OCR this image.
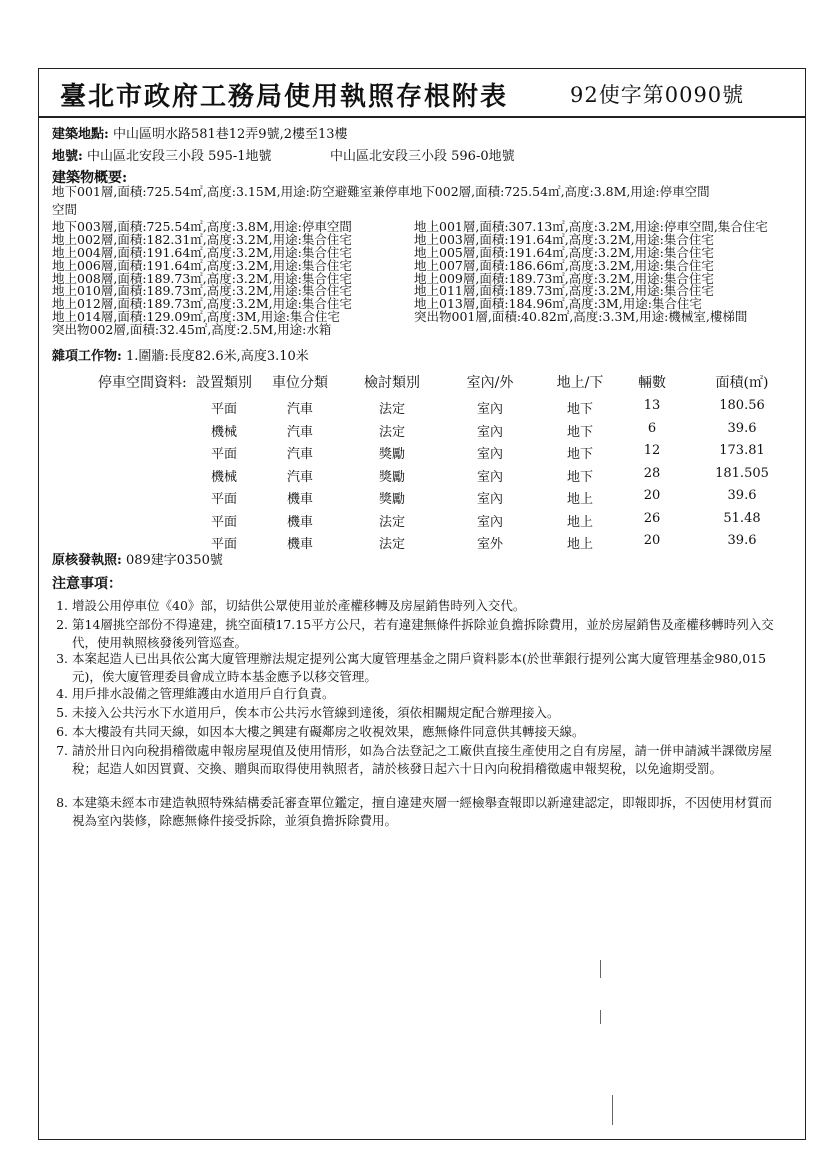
臺北市政府工務局使用執照存根附表	92使字第0090號
建築地點: 中山區明水路581巷12弄9號,2樓至13樓
地號: 中山區北安段三小段 595-1地號	中山區北安段三小段 596-0地號
建築物概要:
地下001層,面積:725.54㎡,高度:3.15M,用途:防空避難室兼停車地下002層,面積:725.54㎡,高度:3.8M,用途:停車空間
空間
地下003層,面積:725.54㎡,高度:3.8M,用途:停車空間
地上002層,面積:182.31㎡,高度:3.2M,用途:集合住宅
地上004層,面積:191.64㎡,高度:3.2M,用途:集合住宅
地上006層,面積:191.64㎡,高度:3.2M,用途:集合住宅
地上008層,面積:189.73㎡,高度:3.2M,用途:集合住宅
地上010層,面積:189.73㎡,高度:3.2M,用途:集合住宅
地上012層,面積:189.73㎡,高度:3.2M,用途:集合住宅
地上014層,面積:129.09㎡,高度:3M,用途:集合住宅
突出物002層,面積:32.45㎡,高度:2.5M,用途:水箱
地上001層,面積:307.13㎡,高度:3.2M,用途:停車空間,集合住宅
地上003層,面積:191.64㎡,高度:3.2M,用途:集合住宅
地上005層,面積:191.64㎡,高度:3.2M,用途:集合住宅
地上007層,面積:186.66㎡,高度:3.2M,用途:集合住宅
地上009層,面積:189.73㎡,高度:3.2M,用途:集合住宅
地上011層,面積:189.73㎡,高度:3.2M,用途:集合住宅
地上013層,面積:184.96㎡,高度:3M,用途:集合住宅
突出物001層,面積:40.82㎡,高度:3.3M,用途:機械室,樓梯間
雜項工作物: 1.圍牆:長度82.6米,高度3.10米
停車空間資料: 設置類別 車位分類	檢討類別	室內/外	地上/下 輛數	面積(㎡)
平面	汽車	法定	室內	地下	13	180.56
機械	汽車	法定	室內	地下	6	39.6
平面	汽車	獎勵	室內	地下	12	173.81
機械	汽車	獎勵	室內	地下	28	181.505
平面	機車	獎勵	室內	地上	20	39.6
平面	機車	法定	室內	地上	26	51.48
平面	機車	法定	室外	地上	20	39.6
原核發執照: 089建字0350號
注意事項：
1. 增設公用停車位《40》部，切結供公眾使用並於產權移轉及房屋銷售時列入交代。
2. 第14層挑空部份不得違建，挑空面積17.15平方公尺，若有違建無條件拆除並負擔拆除費用，並於房屋銷售及產權移轉時列入交代，使用執照核發後列管巡查。
3. 本案起造人已出具依公寓大廈管理辦法規定提列公寓大廈管理基金之開戶資料影本(於世華銀行提列公寓大廈管理基金980,015元)，俟大廈管理委員會成立時本基金應予以移交管理。
4. 用戶排水設備之管理維護由水道用戶自行負責。
5. 未接入公共污水下水道用戶，俟本市公共污水管線到達後，須依相關規定配合辦理接入。
6. 本大樓設有共同天線，如因本大樓之興建有礙鄰房之收視效果，應無條件同意供其轉接天線。
7. 請於卅日內向稅捐稽徵處申報房屋現值及使用情形，如為合法登記之工廠供直接生產使用之自有房屋，請一併申請減半課徵房屋稅；起造人如因買賣、交換、贈與而取得使用執照者，請於核發日起六十日內向稅捐稽徵處申報契稅，以免逾期受罰。
8. 本建築未經本市建造執照特殊結構委託審查單位鑑定，擅自違建夾層一經檢舉查報即以新違建認定，即報即拆，不因使用材質而視為室內裝修，除應無條件接受拆除，並須負擔拆除費用。
